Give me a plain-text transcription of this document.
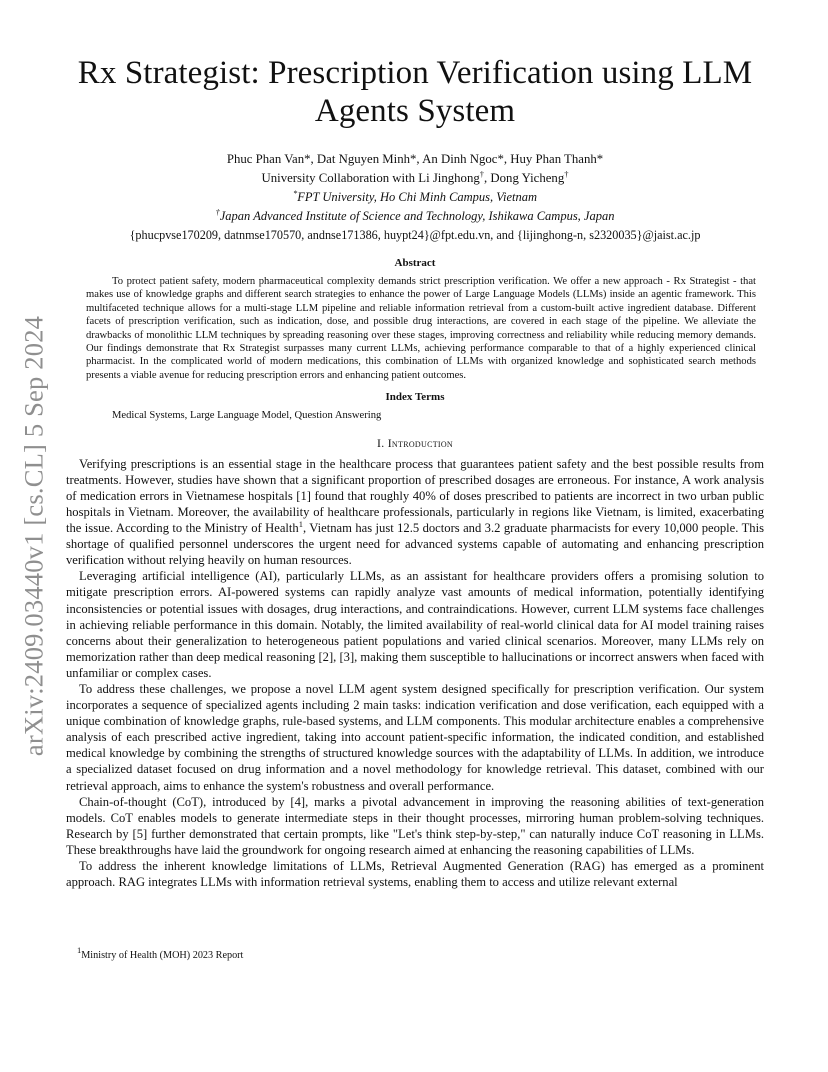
arXiv:2409.03440v1 [cs.CL] 5 Sep 2024
Rx Strategist: Prescription Verification using LLM Agents System
Phuc Phan Van*, Dat Nguyen Minh*, An Dinh Ngoc*, Huy Phan Thanh*
University Collaboration with Li Jinghong†, Dong Yicheng†
*FPT University, Ho Chi Minh Campus, Vietnam
†Japan Advanced Institute of Science and Technology, Ishikawa Campus, Japan
{phucpvse170209, datnmse170570, andnse171386, huypt24}@fpt.edu.vn, and {lijinghong-n, s2320035}@jaist.ac.jp
Abstract
To protect patient safety, modern pharmaceutical complexity demands strict prescription verification. We offer a new approach - Rx Strategist - that makes use of knowledge graphs and different search strategies to enhance the power of Large Language Models (LLMs) inside an agentic framework. This multifaceted technique allows for a multi-stage LLM pipeline and reliable information retrieval from a custom-built active ingredient database. Different facets of prescription verification, such as indication, dose, and possible drug interactions, are covered in each stage of the pipeline. We alleviate the drawbacks of monolithic LLM techniques by spreading reasoning over these stages, improving correctness and reliability while reducing memory demands. Our findings demonstrate that Rx Strategist surpasses many current LLMs, achieving performance comparable to that of a highly experienced clinical pharmacist. In the complicated world of modern medications, this combination of LLMs with organized knowledge and sophisticated search methods presents a viable avenue for reducing prescription errors and enhancing patient outcomes.
Index Terms
Medical Systems, Large Language Model, Question Answering
I. Introduction

Verifying prescriptions is an essential stage in the healthcare process that guarantees patient safety and the best possible results from treatments. However, studies have shown that a significant proportion of prescribed dosages are erroneous. For instance, A work analysis of medication errors in Vietnamese hospitals [1] found that roughly 40% of doses prescribed to patients are incorrect in two urban public hospitals in Vietnam. Moreover, the availability of healthcare professionals, particularly in regions like Vietnam, is limited, exacerbating the issue. According to the Ministry of Health$^1$, Vietnam has just 12.5 doctors and 3.2 graduate pharmacists for every 10,000 people. This shortage of qualified personnel underscores the urgent need for advanced systems capable of automating and enhancing prescription verification without relying heavily on human resources.

Leveraging artificial intelligence (AI), particularly LLMs, as an assistant for healthcare providers offers a promising solution to mitigate prescription errors. AI-powered systems can rapidly analyze vast amounts of medical information, potentially identifying inconsistencies or potential issues with dosages, drug interactions, and contraindications. However, current LLM systems face challenges in achieving reliable performance in this domain. Notably, the limited availability of real-world clinical data for AI model training raises concerns about their generalization to heterogeneous patient populations and varied clinical scenarios. Moreover, many LLMs rely on memorization rather than deep medical reasoning [2], [3], making them susceptible to hallucinations or incorrect answers when faced with unfamiliar or complex cases.

To address these challenges, we propose a novel LLM agent system designed specifically for prescription verification. Our system incorporates a sequence of specialized agents including 2 main tasks: indication verification and dose verification, each equipped with a unique combination of knowledge graphs, rule-based systems, and LLM components. This modular architecture enables a comprehensive analysis of each prescribed active ingredient, taking into account patient-specific information, the indicated condition, and established medical knowledge by combining the strengths of structured knowledge sources with the adaptability of LLMs. In addition, we introduce a specialized dataset focused on drug information and a novel methodology for knowledge retrieval. This dataset, combined with our retrieval approach, aims to enhance the system's robustness and overall performance.

Chain-of-thought (CoT), introduced by [4], marks a pivotal advancement in improving the reasoning abilities of text-generation models. CoT enables models to generate intermediate steps in their thought processes, mirroring human problem-solving techniques. Research by [5] further demonstrated that certain prompts, like "Let's think step-by-step," can naturally induce CoT reasoning in LLMs. These breakthroughs have laid the groundwork for ongoing research aimed at enhancing the reasoning capabilities of LLMs.

To address the inherent knowledge limitations of LLMs, Retrieval Augmented Generation (RAG) has emerged as a prominent approach. RAG integrates LLMs with information retrieval systems, enabling them to access and utilize relevant external

$^1$Ministry of Health (MOH) 2023 Report
